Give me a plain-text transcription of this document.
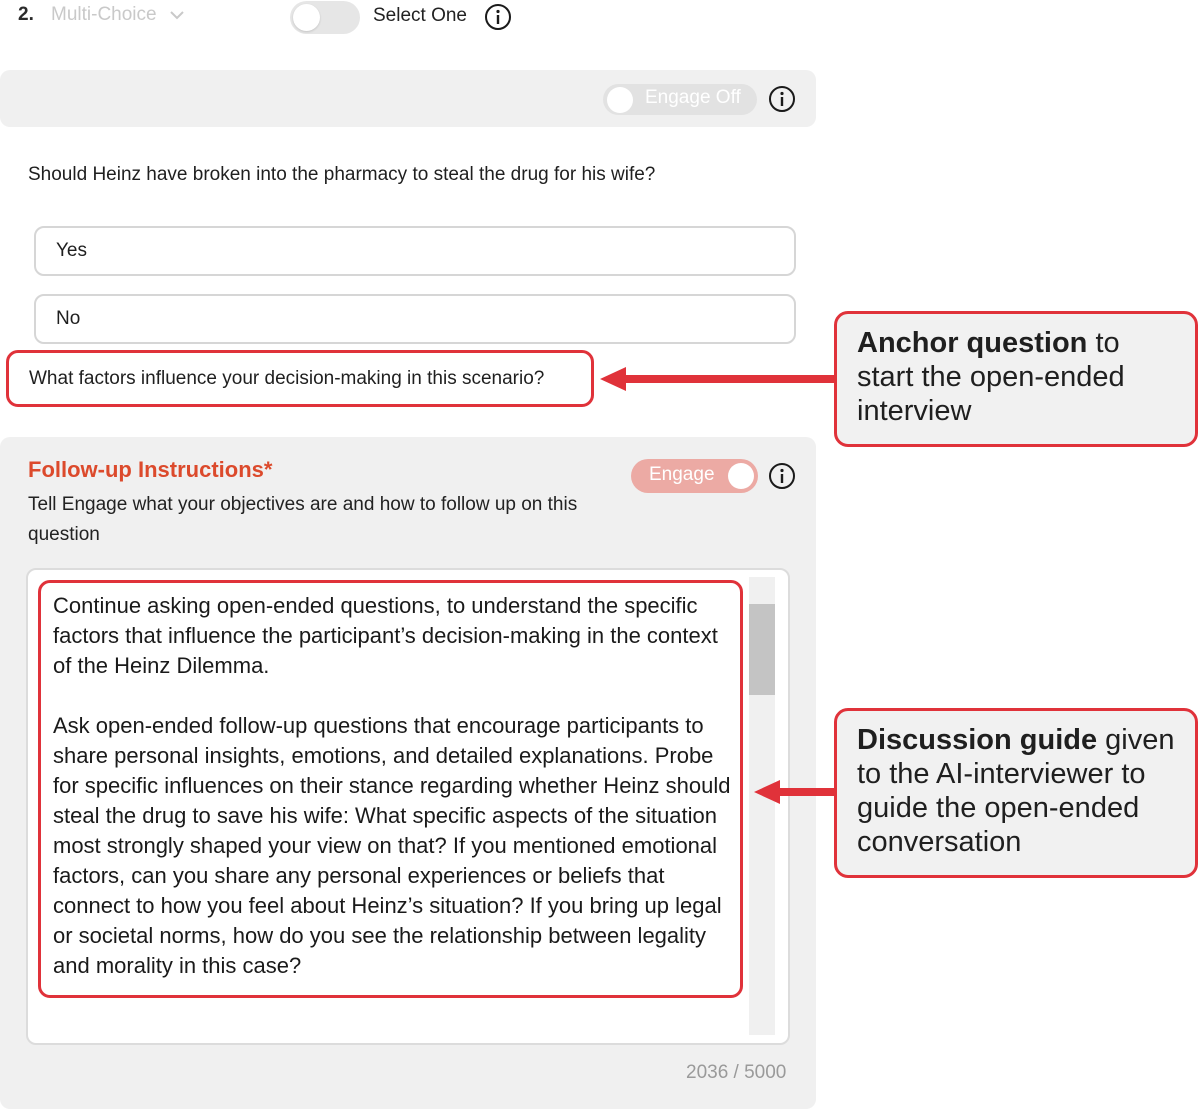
2. Multi-Choice	Select One
Engage Off
Should Heinz have broken into the pharmacy to steal the drug for his wife?
Yes
No
What factors influence your decision-making in this scenario?
Follow-up Instructions*
Tell Engage what your objectives are and how to follow up on this question
Engage

Continue asking open-ended questions, to understand the specific factors that influence the participant’s decision-making in the context of the Heinz Dilemma.

Ask open-ended follow-up questions that encourage participants to share personal insights, emotions, and detailed explanations. Probe for specific influences on their stance regarding whether Heinz should steal the drug to save his wife: What specific aspects of the situation most strongly shaped your view on that? If you mentioned emotional factors, can you share any personal experiences or beliefs that connect to how you feel about Heinz’s situation? If you bring up legal or societal norms, how do you see the relationship between legality and morality in this case?

2036 / 5000
Anchor question to start the open-ended interview
Discussion guide given to the AI-interviewer to guide the open-ended conversation
